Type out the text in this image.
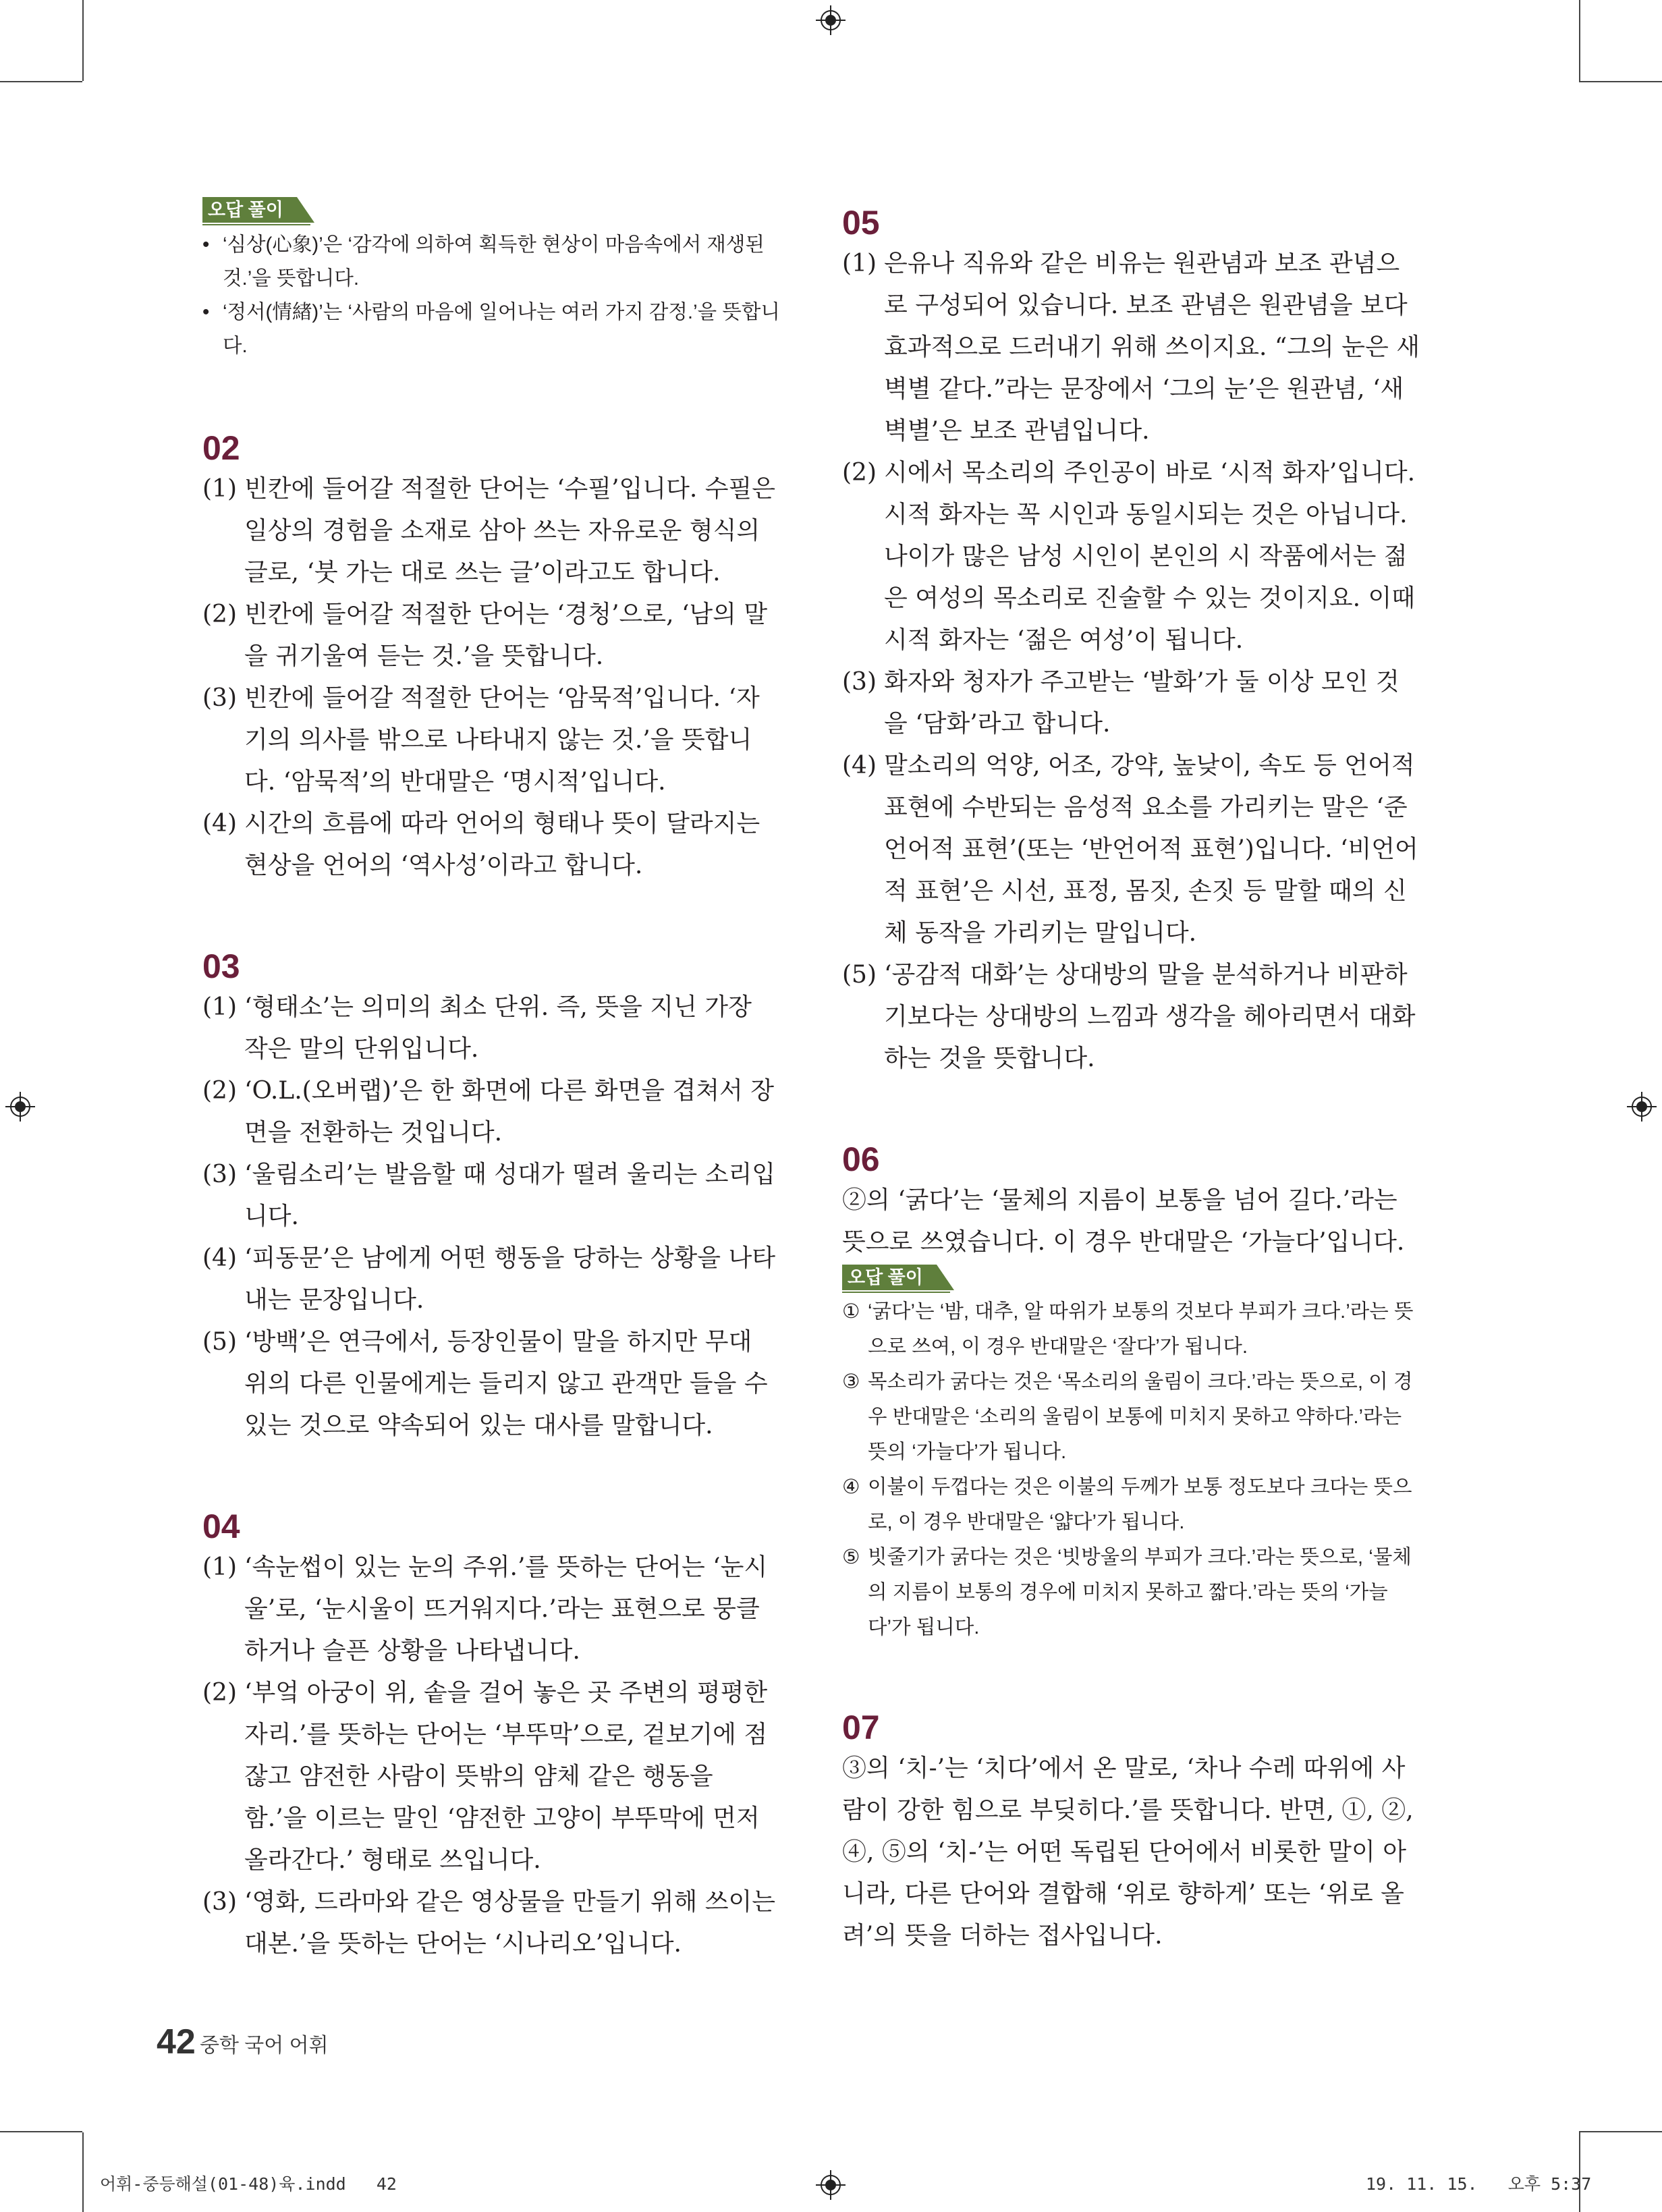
오답 풀이
• ‘심상(心象)’은 ‘감각에 의하여 획득한 현상이 마음속에서 재생된 것.’을 뜻합니다.
• ‘정서(情緖)’는 ‘사람의 마음에 일어나는 여러 가지 감정.’을 뜻합니다.
02
(1) 빈칸에 들어갈 적절한 단어는 ‘수필’입니다. 수필은 일상의 경험을 소재로 삼아 쓰는 자유로운 형식의 글로, ‘붓 가는 대로 쓰는 글’이라고도 합니다.
(2) 빈칸에 들어갈 적절한 단어는 ‘경청’으로, ‘남의 말을 귀기울여 듣는 것.’을 뜻합니다.
(3) 빈칸에 들어갈 적절한 단어는 ‘암묵적’입니다. ‘자기의 의사를 밖으로 나타내지 않는 것.’을 뜻합니다. ‘암묵적’의 반대말은 ‘명시적’입니다.
(4) 시간의 흐름에 따라 언어의 형태나 뜻이 달라지는 현상을 언어의 ‘역사성’이라고 합니다.
03
(1) ‘형태소’는 의미의 최소 단위. 즉, 뜻을 지닌 가장 작은 말의 단위입니다.
(2) ‘O.L.(오버랩)’은 한 화면에 다른 화면을 겹쳐서 장면을 전환하는 것입니다.
(3) ‘울림소리’는 발음할 때 성대가 떨려 울리는 소리입니다.
(4) ‘피동문’은 남에게 어떤 행동을 당하는 상황을 나타내는 문장입니다.
(5) ‘방백’은 연극에서, 등장인물이 말을 하지만 무대 위의 다른 인물에게는 들리지 않고 관객만 들을 수 있는 것으로 약속되어 있는 대사를 말합니다.
04
(1) ‘속눈썹이 있는 눈의 주위.’를 뜻하는 단어는 ‘눈시울’로, ‘눈시울이 뜨거워지다.’라는 표현으로 뭉클하거나 슬픈 상황을 나타냅니다.
(2) ‘부엌 아궁이 위, 솥을 걸어 놓은 곳 주변의 평평한 자리.’를 뜻하는 단어는 ‘부뚜막’으로, 겉보기에 점잖고 얌전한 사람이 뜻밖의 얌체 같은 행동을 함.’을 이르는 말인 ‘얌전한 고양이 부뚜막에 먼저 올라간다.’ 형태로 쓰입니다.
(3) ‘영화, 드라마와 같은 영상물을 만들기 위해 쓰이는 대본.’을 뜻하는 단어는 ‘시나리오’입니다.
05
(1) 은유나 직유와 같은 비유는 원관념과 보조 관념으로 구성되어 있습니다. 보조 관념은 원관념을 보다 효과적으로 드러내기 위해 쓰이지요. “그의 눈은 새벽별 같다.”라는 문장에서 ‘그의 눈’은 원관념, ‘새벽별’은 보조 관념입니다.
(2) 시에서 목소리의 주인공이 바로 ‘시적 화자’입니다. 시적 화자는 꼭 시인과 동일시되는 것은 아닙니다. 나이가 많은 남성 시인이 본인의 시 작품에서는 젊은 여성의 목소리로 진술할 수 있는 것이지요. 이때 시적 화자는 ‘젊은 여성’이 됩니다.
(3) 화자와 청자가 주고받는 ‘발화’가 둘 이상 모인 것을 ‘담화’라고 합니다.
(4) 말소리의 억양, 어조, 강약, 높낮이, 속도 등 언어적 표현에 수반되는 음성적 요소를 가리키는 말은 ‘준언어적 표현’(또는 ‘반언어적 표현’)입니다. ‘비언어적 표현’은 시선, 표정, 몸짓, 손짓 등 말할 때의 신체 동작을 가리키는 말입니다.
(5) ‘공감적 대화’는 상대방의 말을 분석하거나 비판하기보다는 상대방의 느낌과 생각을 헤아리면서 대화하는 것을 뜻합니다.
06
②의 ‘굵다’는 ‘물체의 지름이 보통을 넘어 길다.’라는 뜻으로 쓰였습니다. 이 경우 반대말은 ‘가늘다’입니다.
오답 풀이
① ‘굵다’는 ‘밤, 대추, 알 따위가 보통의 것보다 부피가 크다.’라는 뜻으로 쓰여, 이 경우 반대말은 ‘잘다’가 됩니다.
③ 목소리가 굵다는 것은 ‘목소리의 울림이 크다.’라는 뜻으로, 이 경우 반대말은 ‘소리의 울림이 보통에 미치지 못하고 약하다.’라는 뜻의 ‘가늘다’가 됩니다.
④ 이불이 두껍다는 것은 이불의 두께가 보통 정도보다 크다는 뜻으로, 이 경우 반대말은 ‘얇다’가 됩니다.
⑤ 빗줄기가 굵다는 것은 ‘빗방울의 부피가 크다.’라는 뜻으로, ‘물체의 지름이 보통의 경우에 미치지 못하고 짧다.’라는 뜻의 ‘가늘다’가 됩니다.
07
③의 ‘치-’는 ‘치다’에서 온 말로, ‘차나 수레 따위에 사람이 강한 힘으로 부딪히다.’를 뜻합니다. 반면, ①, ②, ④, ⑤의 ‘치-’는 어떤 독립된 단어에서 비롯한 말이 아니라, 다른 단어와 결합해 ‘위로 향하게’ 또는 ‘위로 올려’의 뜻을 더하는 접사입니다.
42 중학 국어 어휘
어휘-중등해설(01-48)육.indd   42	19. 11. 15.   오후 5:37
